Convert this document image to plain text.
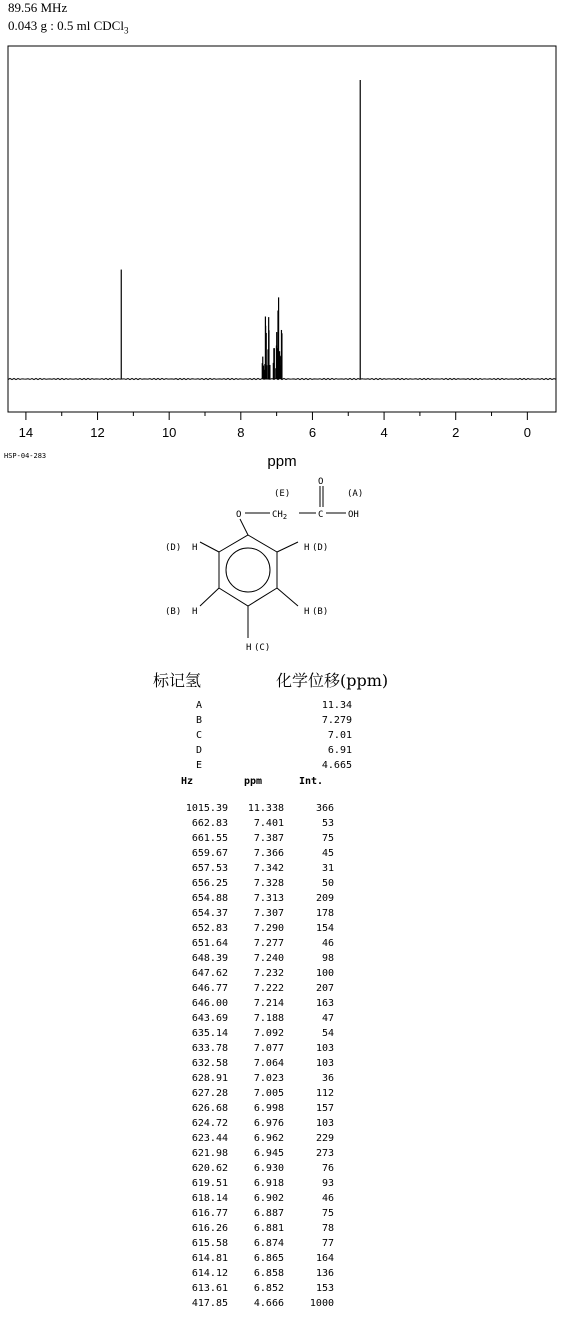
89.56 MHz
0.043 g : 0.5 ml CDCl$_3$
14	12	10	8	6	4	2	0
ppm
HSP-04-283
(E)	(A)
O
O	$CH_2$	C	OH
(D) H	H (D)
(B) H	H (B)
H (C)
标记氢	化学位移(ppm)
A	11.34
B	7.279
C	7.01
D	6.91
E	4.665
Hz	ppm	Int.
1015.39	11.338	366
662.83	7.401	53
661.55	7.387	75
659.67	7.366	45
657.53	7.342	31
656.25	7.328	50
654.88	7.313	209
654.37	7.307	178
652.83	7.290	154
651.64	7.277	46
648.39	7.240	98
647.62	7.232	100
646.77	7.222	207
646.00	7.214	163
643.69	7.188	47
635.14	7.092	54
633.78	7.077	103
632.58	7.064	103
628.91	7.023	36
627.28	7.005	112
626.68	6.998	157
624.72	6.976	103
623.44	6.962	229
621.98	6.945	273
620.62	6.930	76
619.51	6.918	93
618.14	6.902	46
616.77	6.887	75
616.26	6.881	78
615.58	6.874	77
614.81	6.865	164
614.12	6.858	136
613.61	6.852	153
417.85	4.666	1000
